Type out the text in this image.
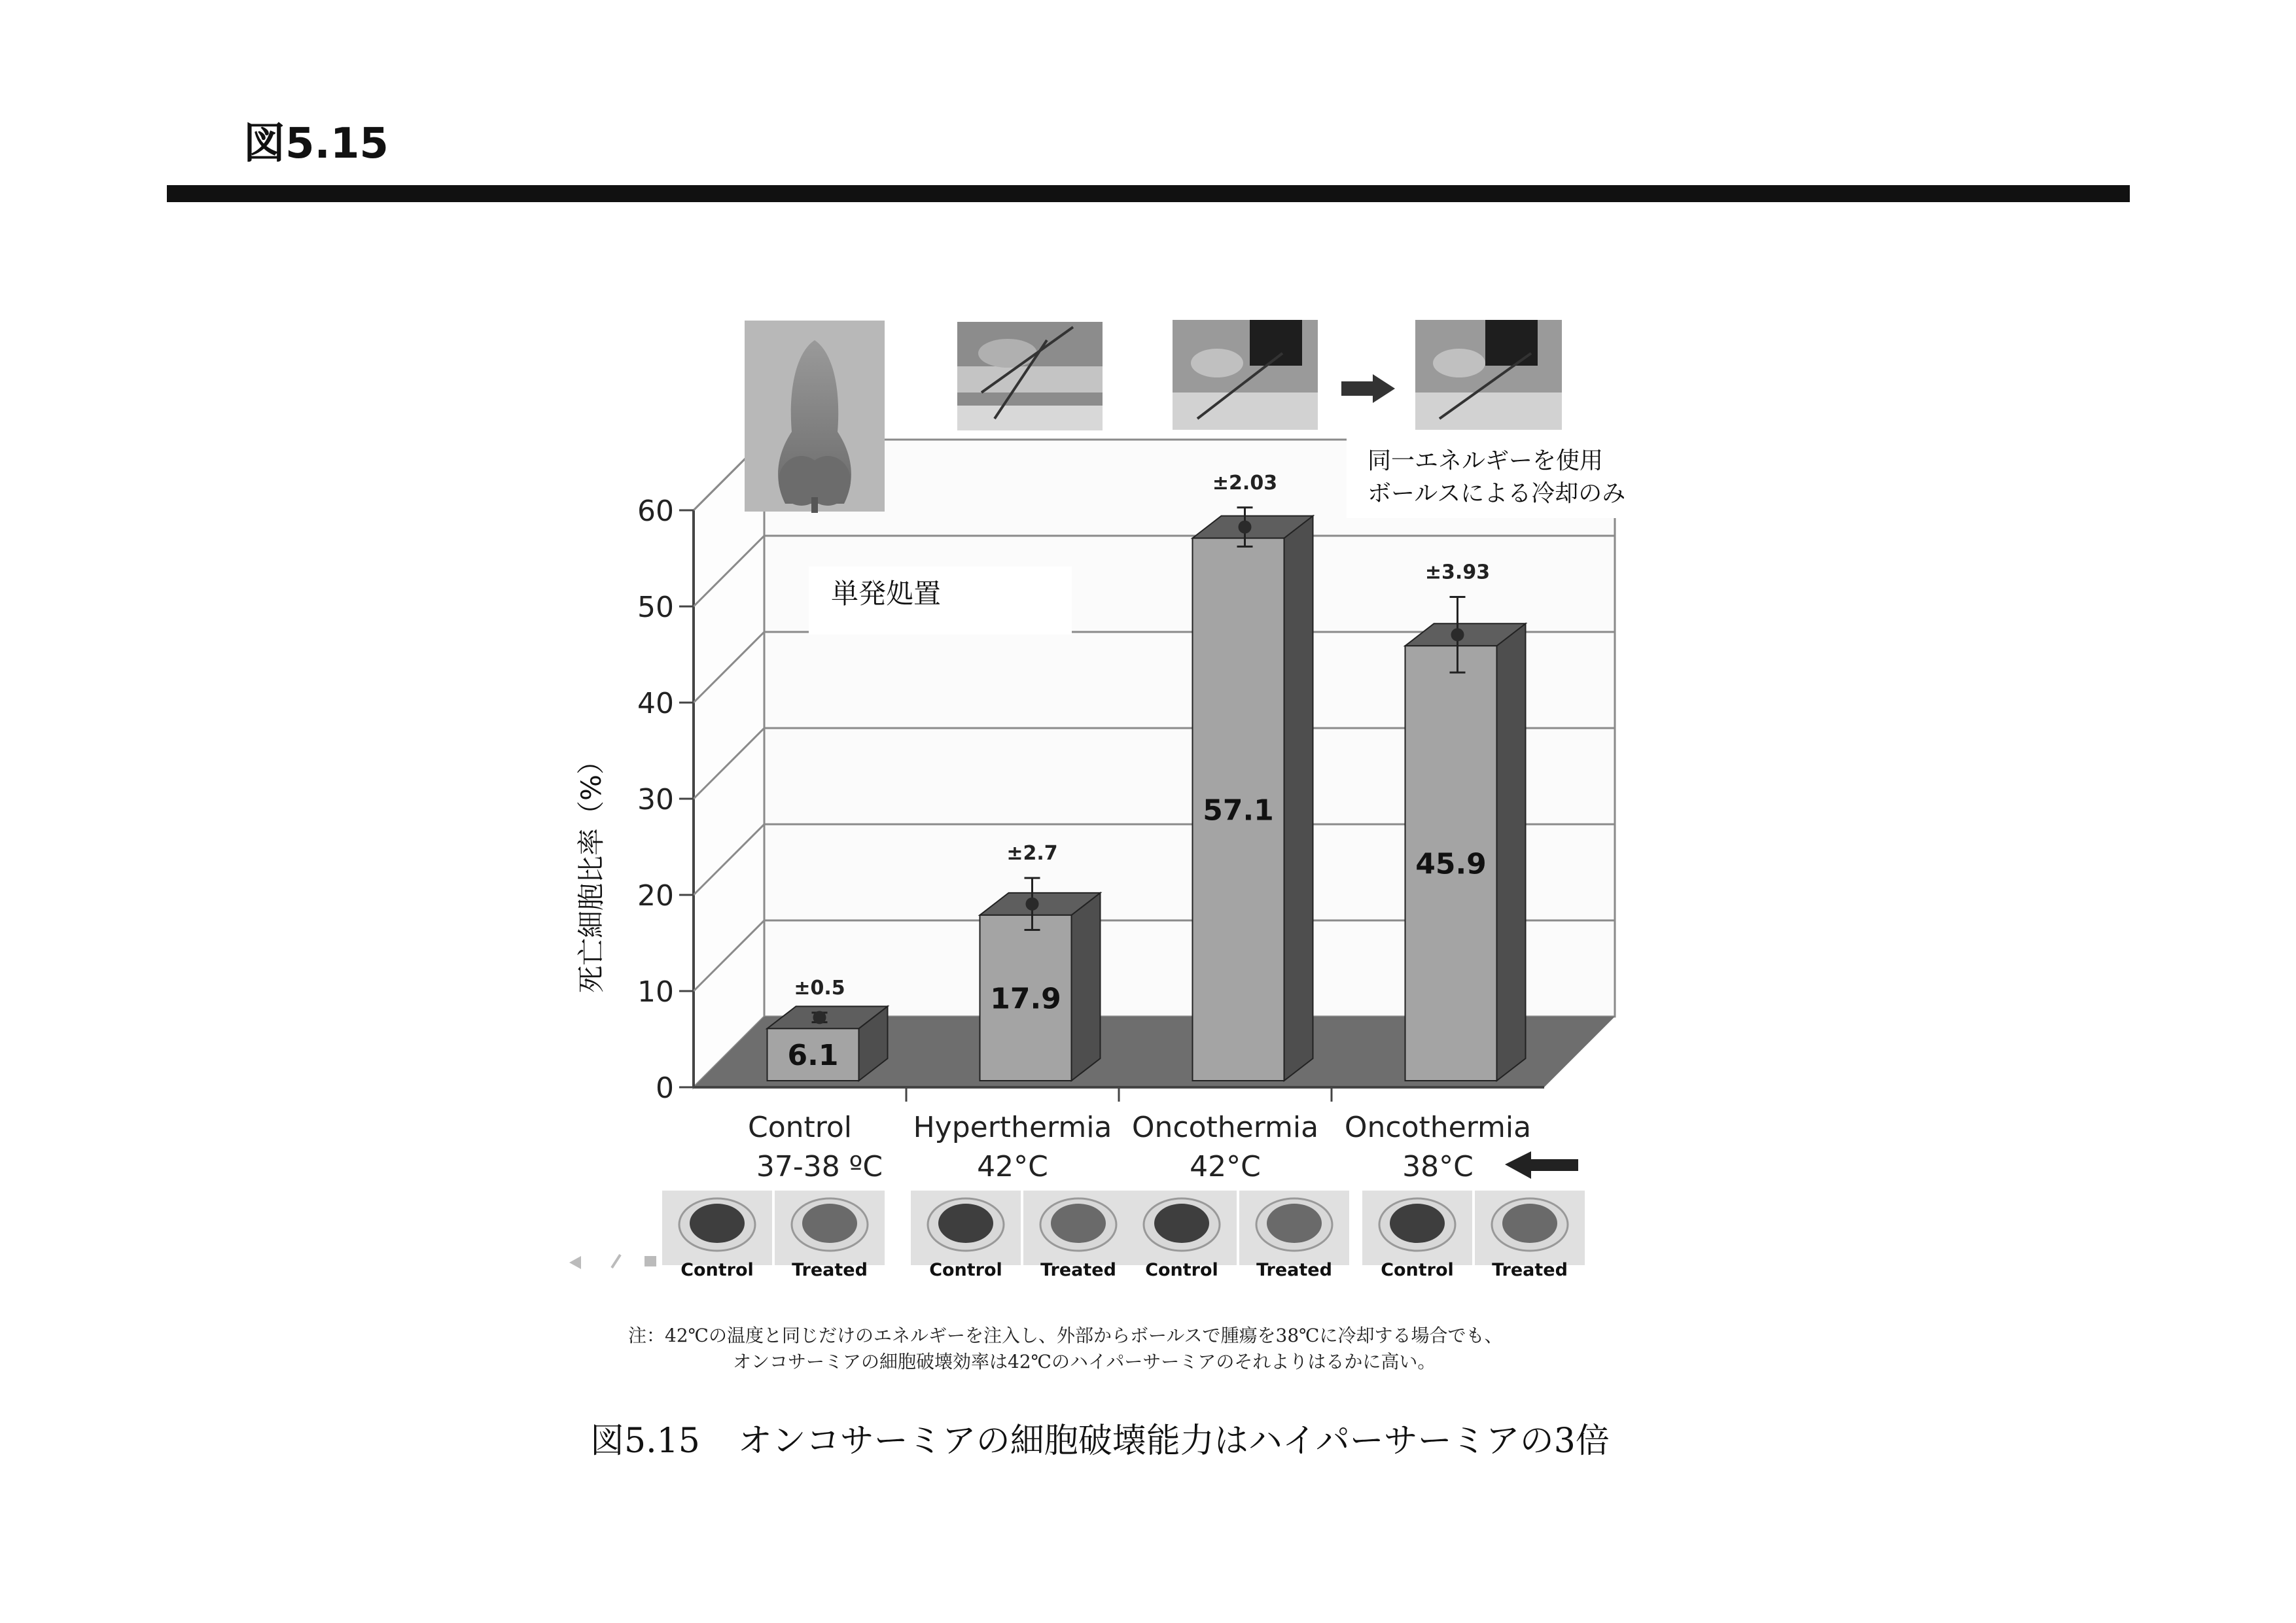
図5.15
0
10
20
30
40
50
60
死亡細胞比率（%）	±0.5
6.1
±2.7
17.9
±2.03
57.1
±3.93
45.9
Control
37-38 ºC
Hyperthermia
42°C
Oncothermia
42°C
Oncothermia
38°C
同一エネルギーを使用
ボールスによる冷却のみ
単発処置
Control Treated	Control Treated Control Treated	Control Treated
注：42℃の温度と同じだけのエネルギーを注入し、外部からボールスで腫瘍を38℃に冷却する場合でも、
オンコサーミアの細胞破壊効率は42℃のハイパーサーミアのそれよりはるかに高い。
図5.15 オンコサーミアの細胞破壊能力はハイパーサーミアの3倍
